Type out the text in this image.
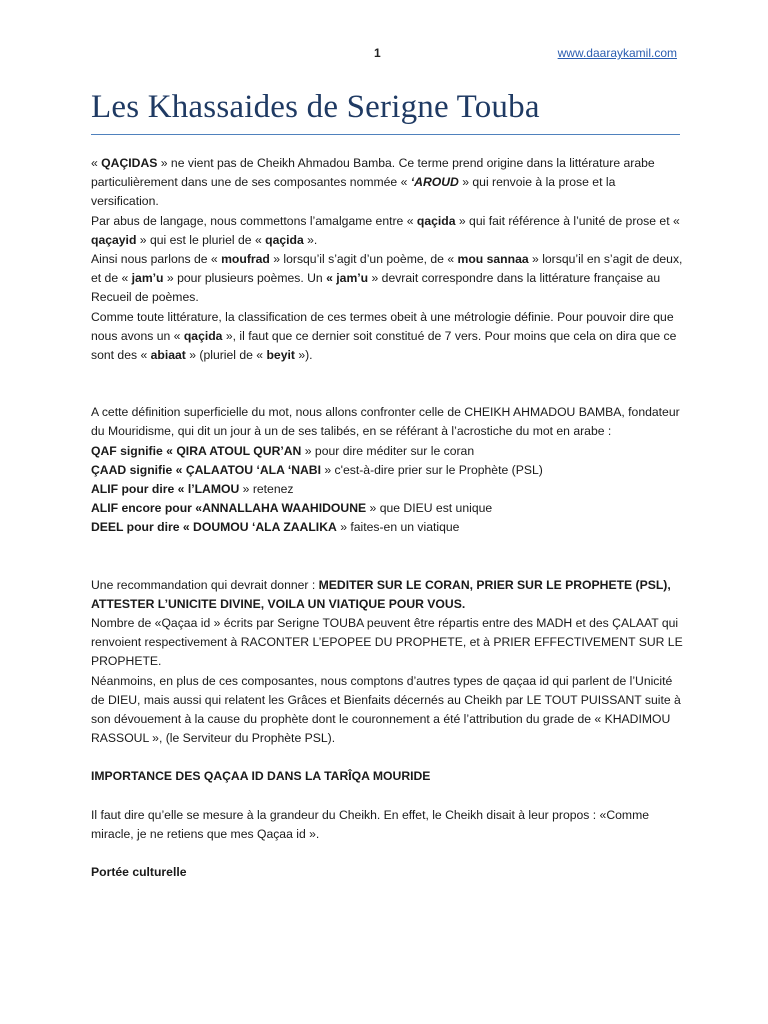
1	www.daaraykamil.com
Les Khassaides de Serigne Touba

« QAÇIDAS » ne vient pas de Cheikh Ahmadou Bamba. Ce terme prend origine dans la littérature arabe particulièrement dans une de ses composantes nommée « ‘AROUD » qui renvoie à la prose et la versification.

Par abus de langage, nous commettons l’amalgame entre « qaçida » qui fait référence à l’unité de prose et « qaçayid » qui est le pluriel de « qaçida ».

Ainsi nous parlons de « moufrad » lorsqu’il s’agit d’un poème, de « mou sannaa » lorsqu’il en s’agit de deux, et de « jam’u » pour plusieurs poèmes. Un « jam’u » devrait correspondre dans la littérature française au Recueil de poèmes.

Comme toute littérature, la classification de ces termes obeit à une métrologie définie. Pour pouvoir dire que nous avons un « qaçida », il faut que ce dernier soit constitué de 7 vers. Pour moins que cela on dira que ce sont des « abiaat » (pluriel de « beyit »).

A cette définition superficielle du mot, nous allons confronter celle de CHEIKH AHMADOU BAMBA, fondateur du Mouridisme, qui dit un jour à un de ses talibés, en se référant à l’acrostiche du mot en arabe :

QAF signifie « QIRA ATOUL QUR’AN » pour dire méditer sur le coran

ÇAAD signifie « ÇALAATOU ‘ALA ‘NABI » c'est-à-dire prier sur le Prophète (PSL)

ALIF pour dire « l’LAMOU » retenez

ALIF encore pour «ANNALLAHA WAAHIDOUNE » que DIEU est unique

DEEL pour dire « DOUMOU ‘ALA ZAALIKA » faites-en un viatique

Une recommandation qui devrait donner : MEDITER SUR LE CORAN, PRIER SUR LE PROPHETE (PSL), ATTESTER L’UNICITE DIVINE, VOILA UN VIATIQUE POUR VOUS.

Nombre de «Qaçaa id » écrits par Serigne TOUBA peuvent être répartis entre des MADH et des ÇALAAT qui renvoient respectivement à RACONTER L’EPOPEE DU PROPHETE, et à PRIER EFFECTIVEMENT SUR LE PROPHETE.

Néanmoins, en plus de ces composantes, nous comptons d’autres types de qaçaa id qui parlent de l’Unicité de DIEU, mais aussi qui relatent les Grâces et Bienfaits décernés au Cheikh par LE TOUT PUISSANT suite à son dévouement à la cause du prophète dont le couronnement a été l’attribution du grade de « KHADIMOU RASSOUL », (le Serviteur du Prophète PSL).

IMPORTANCE DES QAÇAA ID DANS LA TARÎQA MOURIDE

Il faut dire qu’elle se mesure à la grandeur du Cheikh. En effet, le Cheikh disait à leur propos : «Comme miracle, je ne retiens que mes Qaçaa id ».

Portée culturelle
